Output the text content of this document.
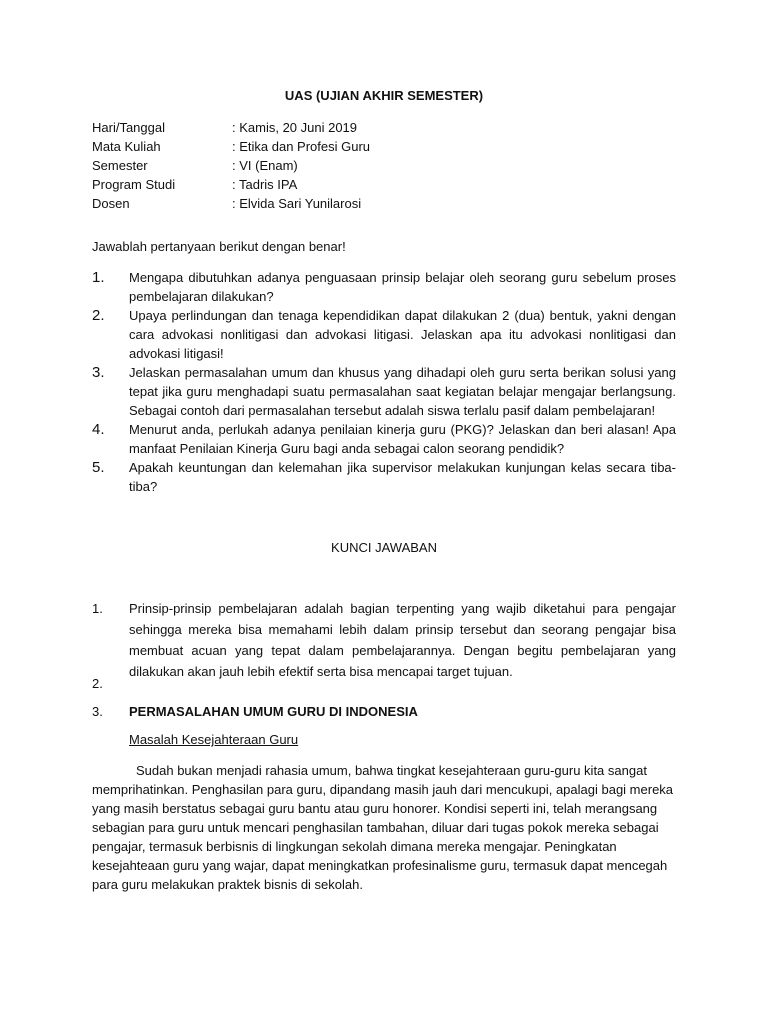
UAS (UJIAN AKHIR SEMESTER)
Hari/Tanggal	: Kamis, 20 Juni 2019
Mata Kuliah	: Etika dan Profesi Guru
Semester	: VI (Enam)
Program Studi	: Tadris IPA
Dosen	: Elvida Sari Yunilarosi
Jawablah pertanyaan berikut dengan benar!
1.	Mengapa dibutuhkan adanya penguasaan prinsip belajar oleh seorang guru sebelum proses pembelajaran dilakukan?
2.	Upaya perlindungan dan tenaga kependidikan dapat dilakukan 2 (dua) bentuk, yakni dengan cara advokasi nonlitigasi dan advokasi litigasi. Jelaskan apa itu advokasi nonlitigasi dan advokasi litigasi!
3.	Jelaskan permasalahan umum dan khusus yang dihadapi oleh guru serta berikan solusi yang tepat jika guru menghadapi suatu permasalahan saat kegiatan belajar mengajar berlangsung. Sebagai contoh dari permasalahan tersebut adalah siswa terlalu pasif dalam pembelajaran!
4.	Menurut anda, perlukah adanya penilaian kinerja guru (PKG)? Jelaskan dan beri alasan! Apa manfaat Penilaian Kinerja Guru bagi anda sebagai calon seorang pendidik?
5.	Apakah keuntungan dan kelemahan jika supervisor melakukan kunjungan kelas secara tiba-tiba?
KUNCI JAWABAN
1.	Prinsip-prinsip pembelajaran adalah bagian terpenting yang wajib diketahui para pengajar sehingga mereka bisa memahami lebih dalam prinsip tersebut dan seorang pengajar bisa membuat acuan yang tepat dalam pembelajarannya. Dengan begitu pembelajaran yang dilakukan akan jauh lebih efektif serta bisa mencapai target tujuan.
2.
3.	PERMASALAHAN UMUM GURU DI INDONESIA
Masalah Kesejahteraan Guru
Sudah bukan menjadi rahasia umum, bahwa tingkat kesejahteraan guru-guru kita sangat memprihatinkan. Penghasilan para guru, dipandang masih jauh dari mencukupi, apalagi bagi mereka yang masih berstatus sebagai guru bantu atau guru honorer. Kondisi seperti ini, telah merangsang sebagian para guru untuk mencari penghasilan tambahan, diluar dari tugas pokok mereka sebagai pengajar, termasuk berbisnis di lingkungan sekolah dimana mereka mengajar. Peningkatan kesejahteaan guru yang wajar, dapat meningkatkan profesinalisme guru, termasuk dapat mencegah para guru melakukan praktek bisnis di sekolah.
